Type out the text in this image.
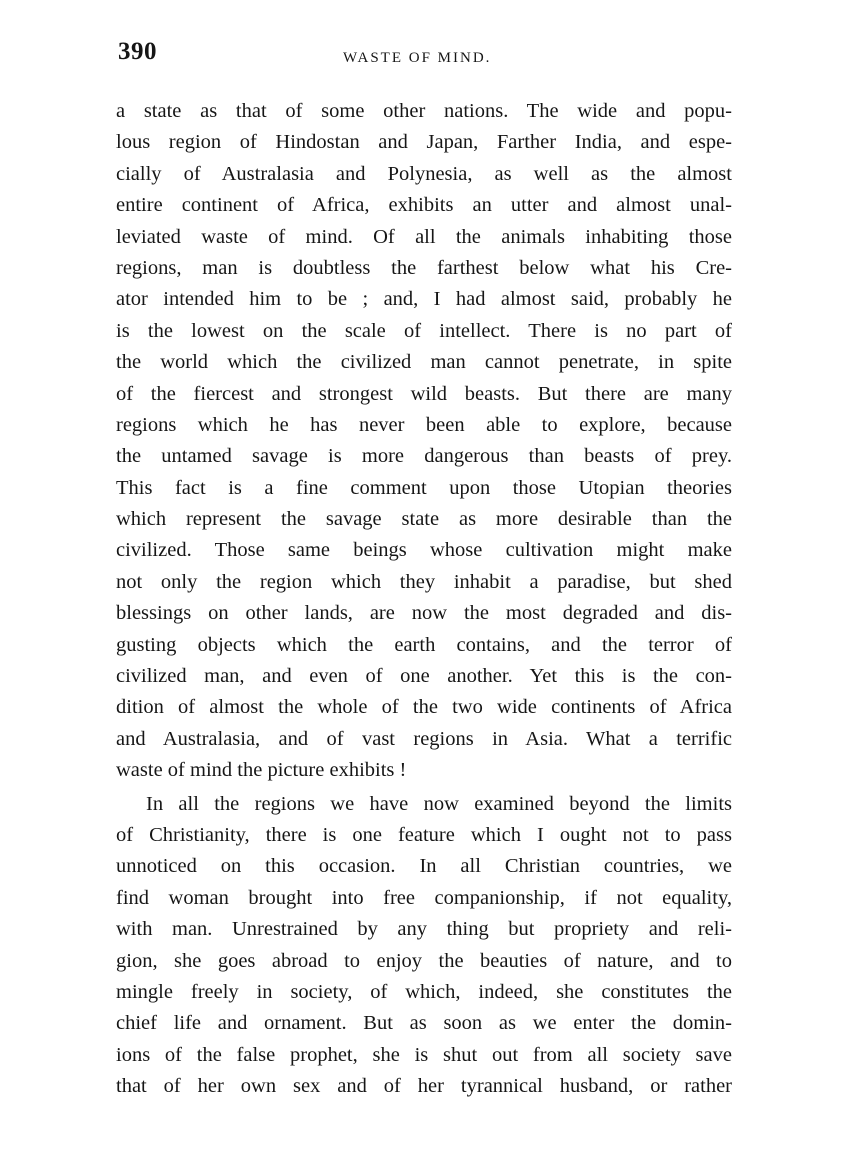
390	WASTE OF MIND.
a state as that of some other nations. The wide and popu-
lous region of Hindostan and Japan, Farther India, and espe-
cially of Australasia and Polynesia, as well as the almost
entire continent of Africa, exhibits an utter and almost unal-
leviated waste of mind. Of all the animals inhabiting those
regions, man is doubtless the farthest below what his Cre-
ator intended him to be ; and, I had almost said, probably he
is the lowest on the scale of intellect. There is no part of
the world which the civilized man cannot penetrate, in spite
of the fiercest and strongest wild beasts. But there are many
regions which he has never been able to explore, because
the untamed savage is more dangerous than beasts of prey.
This fact is a fine comment upon those Utopian theories
which represent the savage state as more desirable than the
civilized. Those same beings whose cultivation might make
not only the region which they inhabit a paradise, but shed
blessings on other lands, are now the most degraded and dis-
gusting objects which the earth contains, and the terror of
civilized man, and even of one another. Yet this is the con-
dition of almost the whole of the two wide continents of Africa
and Australasia, and of vast regions in Asia. What a terrific
waste of mind the picture exhibits !
In all the regions we have now examined beyond the limits
of Christianity, there is one feature which I ought not to pass
unnoticed on this occasion. In all Christian countries, we
find woman brought into free companionship, if not equality,
with man. Unrestrained by any thing but propriety and reli-
gion, she goes abroad to enjoy the beauties of nature, and to
mingle freely in society, of which, indeed, she constitutes the
chief life and ornament. But as soon as we enter the domin-
ions of the false prophet, she is shut out from all society save
that of her own sex and of her tyrannical husband, or rather
